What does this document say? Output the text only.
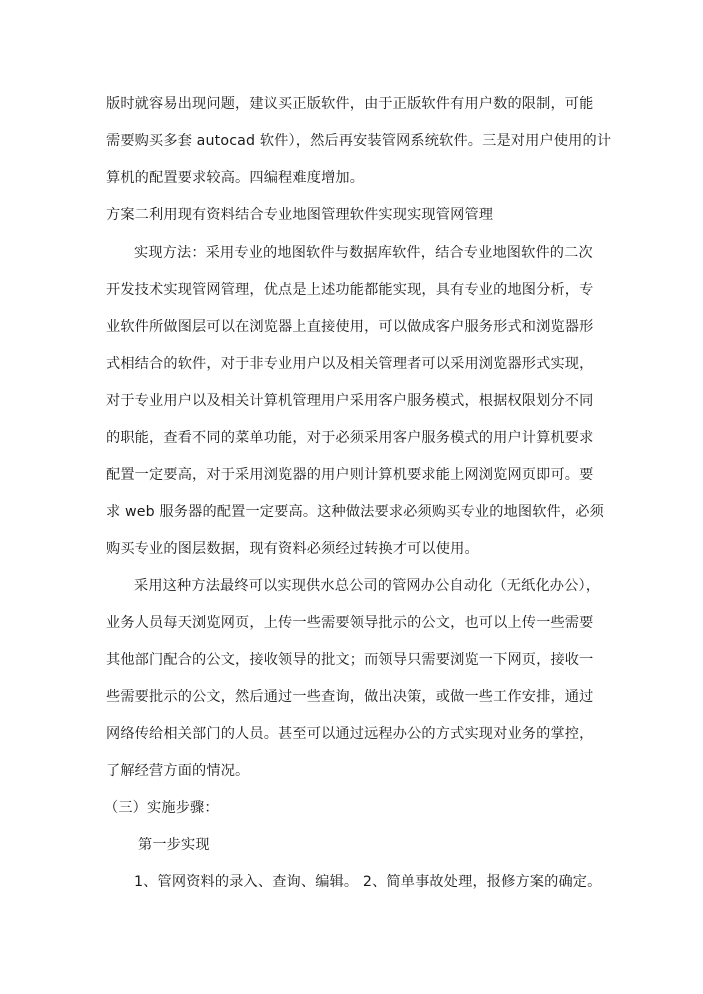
版时就容易出现问题，建议买正版软件，由于正版软件有用户数的限制，可能
需要购买多套 autocad 软件），然后再安装管网系统软件。三是对用户使用的计
算机的配置要求较高。四编程难度增加。
方案二利用现有资料结合专业地图管理软件实现实现管网管理
实现方法：采用专业的地图软件与数据库软件，结合专业地图软件的二次
开发技术实现管网管理，优点是上述功能都能实现，具有专业的地图分析，专
业软件所做图层可以在浏览器上直接使用，可以做成客户服务形式和浏览器形
式相结合的软件，对于非专业用户以及相关管理者可以采用浏览器形式实现，
对于专业用户以及相关计算机管理用户采用客户服务模式，根据权限划分不同
的职能，查看不同的菜单功能，对于必须采用客户服务模式的用户计算机要求
配置一定要高，对于采用浏览器的用户则计算机要求能上网浏览网页即可。要
求 web 服务器的配置一定要高。这种做法要求必须购买专业的地图软件，必须
购买专业的图层数据，现有资料必须经过转换才可以使用。
采用这种方法最终可以实现供水总公司的管网办公自动化（无纸化办公），
业务人员每天浏览网页，上传一些需要领导批示的公文，也可以上传一些需要
其他部门配合的公文，接收领导的批文；而领导只需要浏览一下网页，接收一
些需要批示的公文，然后通过一些查询，做出决策，或做一些工作安排，通过
网络传给相关部门的人员。甚至可以通过远程办公的方式实现对业务的掌控，
了解经营方面的情况。
（三）实施步骤：
第一步实现
1、管网资料的录入、查询、编辑。 2、简单事故处理，报修方案的确定。
